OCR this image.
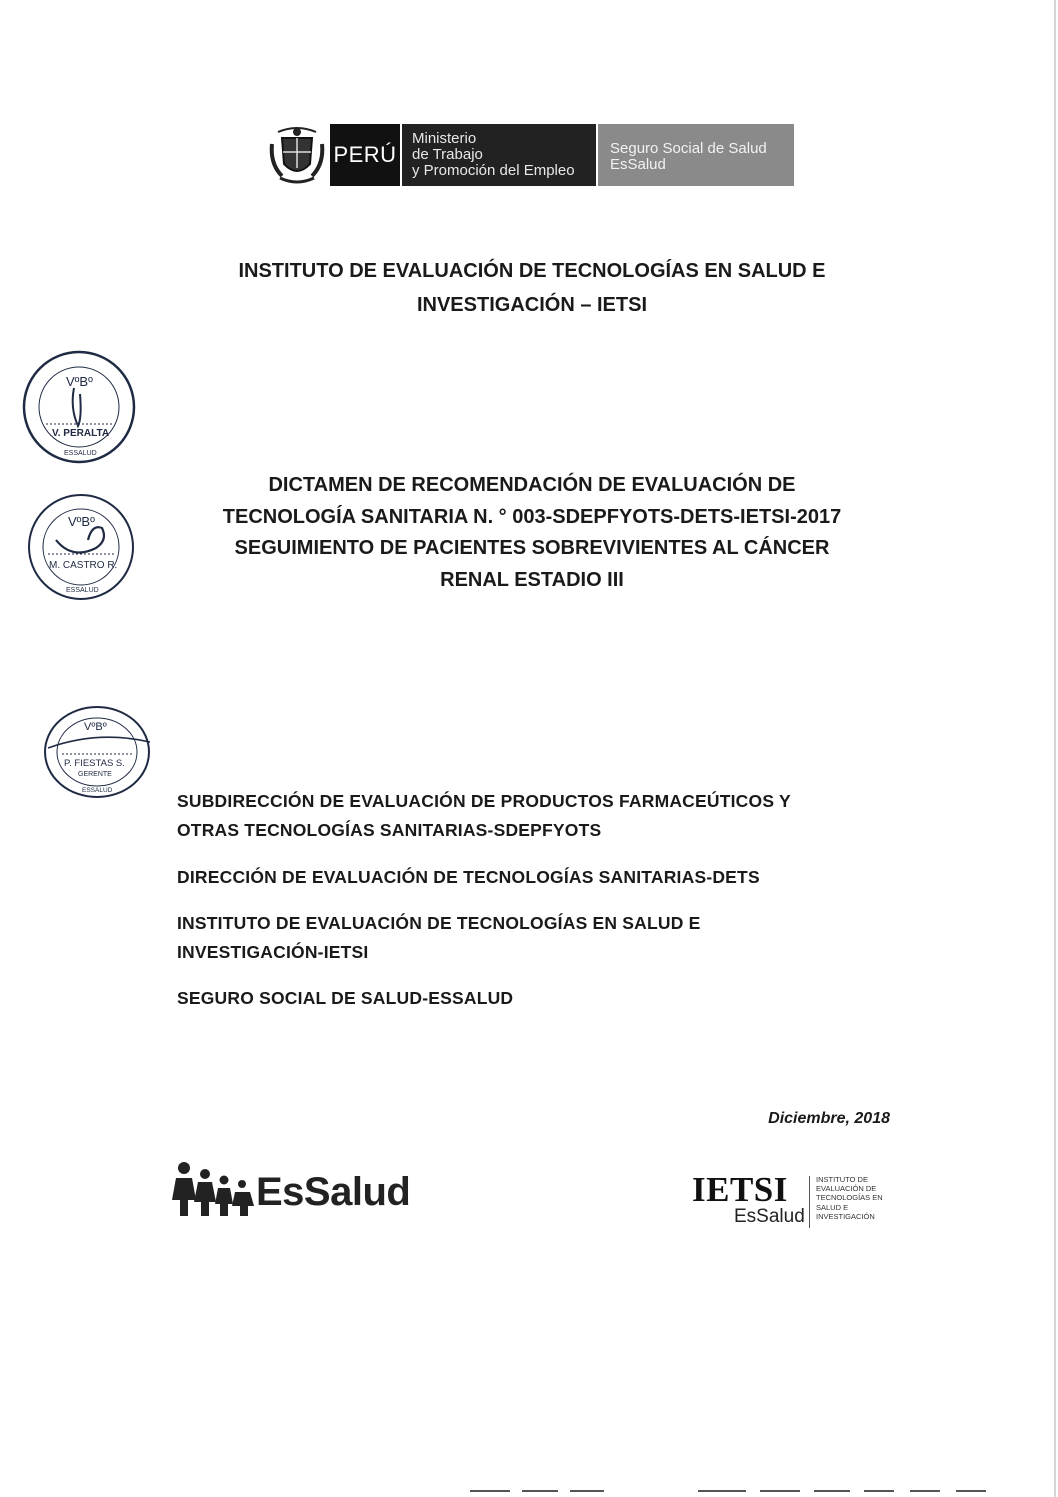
PERÚ
Ministerio
de Trabajo
y Promoción del Empleo
Seguro Social de Salud
EsSalud
INSTITUTO DE EVALUACIÓN DE TECNOLOGÍAS EN SALUD E
INVESTIGACIÓN – IETSI
VºBº
V. PERALTA
ESSALUD
VºBº
M. CASTRO R.
ESSALUD
VºBº
P. FIESTAS S.
GERENTE
ESSALUD
DICTAMEN DE RECOMENDACIÓN DE EVALUACIÓN DE
TECNOLOGÍA SANITARIA N. ° 003-SDEPFYOTS-DETS-IETSI-2017
SEGUIMIENTO DE PACIENTES SOBREVIVIENTES AL CÁNCER
RENAL ESTADIO III
SUBDIRECCIÓN DE EVALUACIÓN DE PRODUCTOS FARMACEÚTICOS Y
OTRAS TECNOLOGÍAS SANITARIAS-SDEPFYOTS
DIRECCIÓN DE EVALUACIÓN DE TECNOLOGÍAS SANITARIAS-DETS
INSTITUTO DE EVALUACIÓN DE TECNOLOGÍAS EN SALUD E
INVESTIGACIÓN-IETSI
SEGURO SOCIAL DE SALUD-ESSALUD
Diciembre, 2018
EsSalud	IETSI
EsSalud
INSTITUTO DE
EVALUACIÓN DE
TECNOLOGÍAS EN
SALUD E
INVESTIGACIÓN
